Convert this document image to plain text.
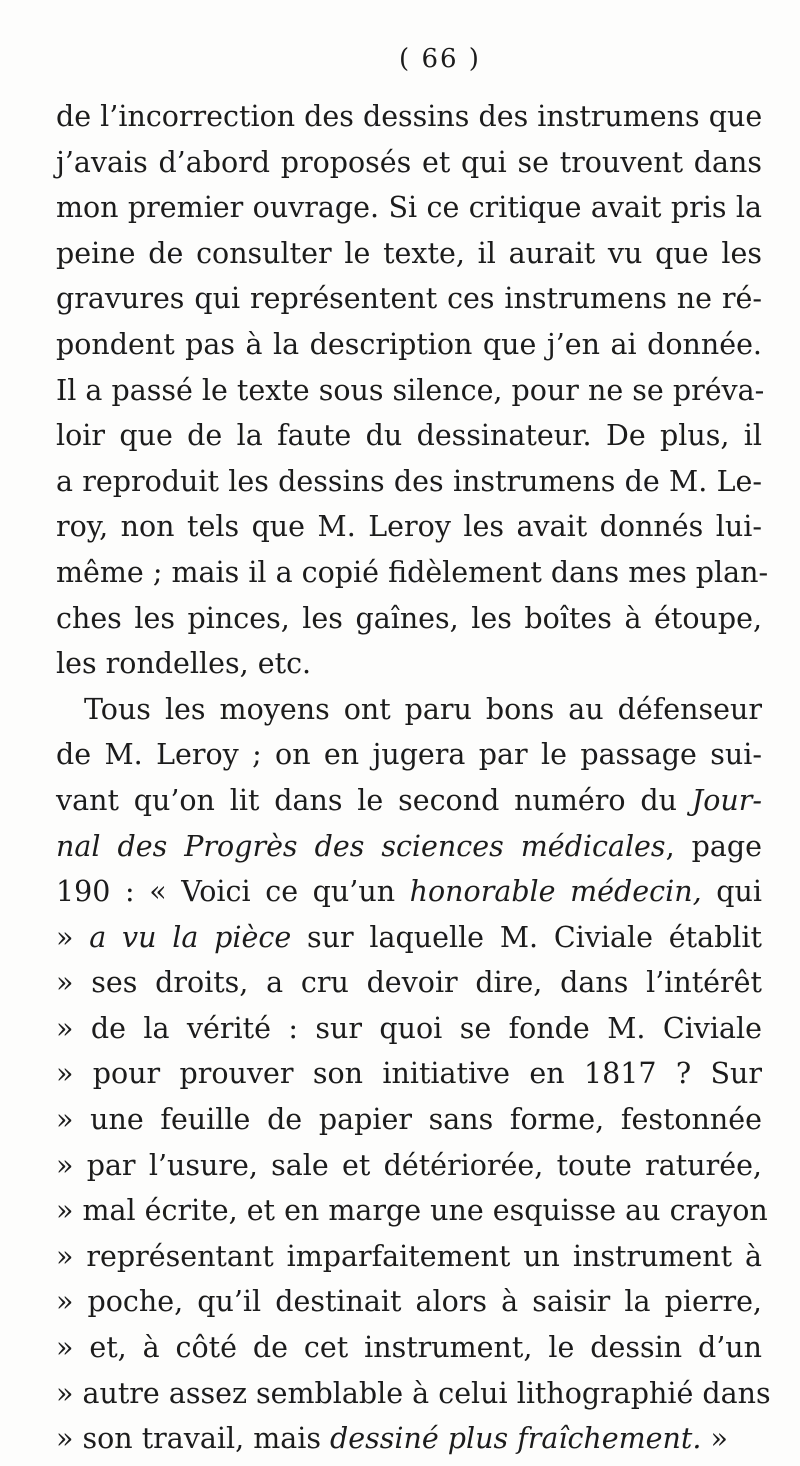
( 66 )
de l’incorrection des dessins des instrumens que
j’avais d’abord proposés et qui se trouvent dans
mon premier ouvrage. Si ce critique avait pris la
peine de consulter le texte, il aurait vu que les
gravures qui représentent ces instrumens ne ré-
pondent pas à la description que j’en ai donnée.
Il a passé le texte sous silence, pour ne se préva-
loir que de la faute du dessinateur. De plus, il
a reproduit les dessins des instrumens de M. Le-
roy, non tels que M. Leroy les avait donnés lui-
même ; mais il a copié fidèlement dans mes plan-
ches les pinces, les gaînes, les boîtes à étoupe,
les rondelles, etc.
Tous les moyens ont paru bons au défenseur
de M. Leroy ; on en jugera par le passage sui-
vant qu’on lit dans le second numéro du Jour-
nal des Progrès des sciences médicales, page
190 : « Voici ce qu’un honorable médecin, qui
» a vu la pièce sur laquelle M. Civiale établit
» ses droits, a cru devoir dire, dans l’intérêt
» de la vérité : sur quoi se fonde M. Civiale
» pour prouver son initiative en 1817 ? Sur
» une feuille de papier sans forme, festonnée
» par l’usure, sale et détériorée, toute raturée,
» mal écrite, et en marge une esquisse au crayon
» représentant imparfaitement un instrument à
» poche, qu’il destinait alors à saisir la pierre,
» et, à côté de cet instrument, le dessin d’un
» autre assez semblable à celui lithographié dans
» son travail, mais dessiné plus fraîchement. »
